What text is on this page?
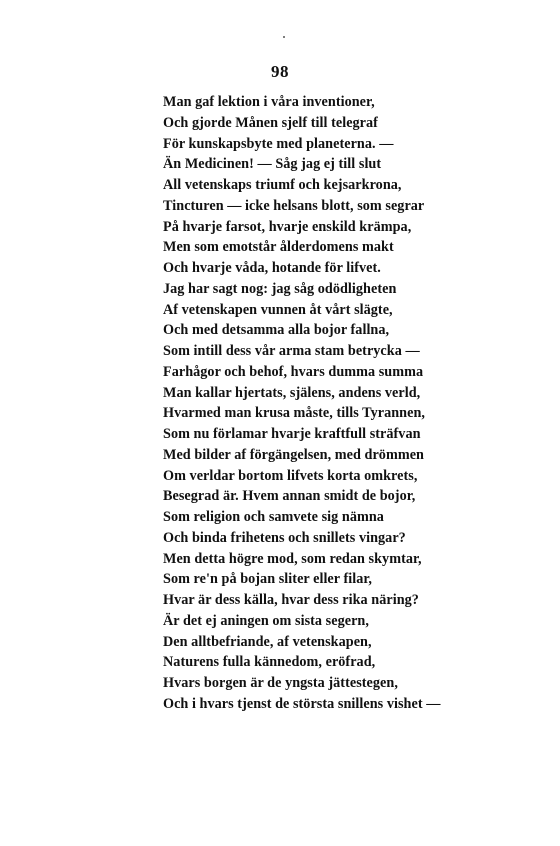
98
Man gaf lektion i våra inventioner,
Och gjorde Månen sjelf till telegraf
För kunskapsbyte med planeterna. —
Än Medicinen! — Såg jag ej till slut
All vetenskaps triumf och kejsarkrona,
Tincturen — icke helsans blott, som segrar
På hvarje farsot, hvarje enskild krämpa,
Men som emotstår ålderdomens makt
Och hvarje våda, hotande för lifvet.
Jag har sagt nog: jag såg odödligheten
Af vetenskapen vunnen åt vårt slägte,
Och med detsamma alla bojor fallna,
Som intill dess vår arma stam betrycka —
Farhågor och behof, hvars dumma summa
Man kallar hjertats, själens, andens verld,
Hvarmed man krusa måste, tills Tyrannen,
Som nu förlamar hvarje kraftfull sträfvan
Med bilder af förgängelsen, med drömmen
Om verldar bortom lifvets korta omkrets,
Besegrad är. Hvem annan smidt de bojor,
Som religion och samvete sig nämna
Och binda frihetens och snillets vingar?
Men detta högre mod, som redan skymtar,
Som re'n på bojan sliter eller filar,
Hvar är dess källa, hvar dess rika näring?
Är det ej aningen om sista segern,
Den alltbefriande, af vetenskapen,
Naturens fulla kännedom, eröfrad,
Hvars borgen är de yngsta jättestegen,
Och i hvars tjenst de största snillens vishet —
